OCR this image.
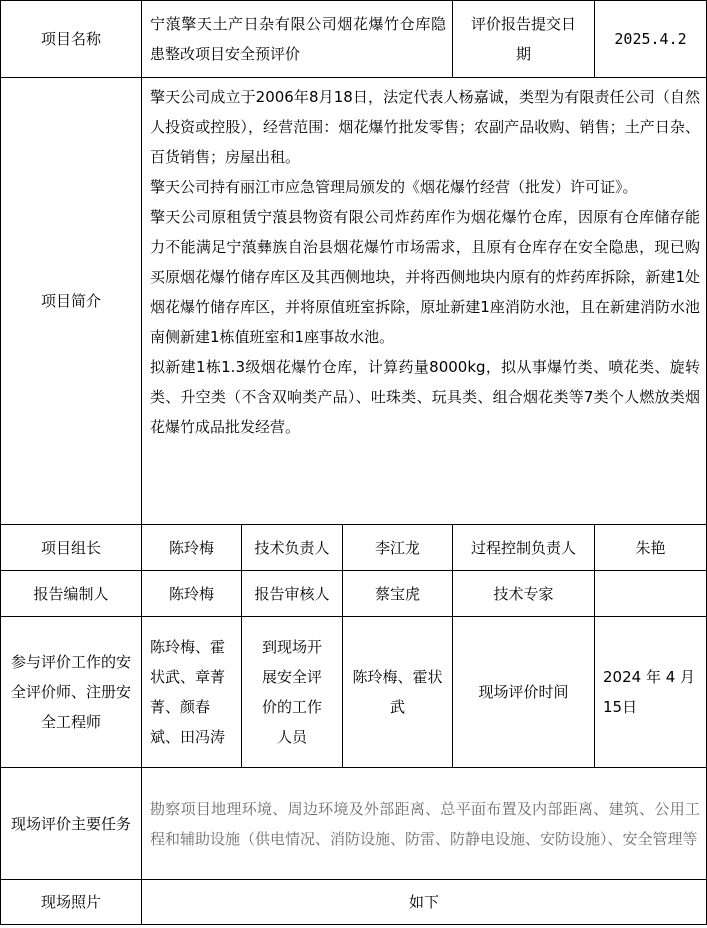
项目名称	宁蒗擎天土产日杂有限公司烟花爆竹仓库隐患整改项目安全预评价			评价报告提交日期	2025.4.2
项目简介	擎天公司成立于2006年8月18日，法定代表人杨嘉诚，类型为有限责任公司（自然人投资或控股），经营范围：烟花爆竹批发零售；农副产品收购、销售；土产日杂、百货销售；房屋出租。

擎天公司持有丽江市应急管理局颁发的《烟花爆竹经营（批发）许可证》。

擎天公司原租赁宁蒗县物资有限公司炸药库作为烟花爆竹仓库，因原有仓库储存能力不能满足宁蒗彝族自治县烟花爆竹市场需求，且原有仓库存在安全隐患，现已购买原烟花爆竹储存库区及其西侧地块，并将西侧地块内原有的炸药库拆除，新建1处烟花爆竹储存库区，并将原值班室拆除，原址新建1座消防水池，且在新建消防水池南侧新建1栋值班室和1座事故水池。

拟新建1栋1.3级烟花爆竹仓库，计算药量8000kg，拟从事爆竹类、喷花类、旋转类、升空类（不含双响类产品）、吐珠类、玩具类、组合烟花类等7类个人燃放类烟花爆竹成品批发经营。				

项目组长	陈玲梅	技术负责人	李江龙	过程控制负责人	朱艳
报告编制人	陈玲梅	报告审核人	蔡宝虎	技术专家	
参与评价工作的安全评价师、注册安全工程师	陈玲梅、霍状武、章菁菁、颜春斌、田冯涛	到现场开展安全评价的工作人员	陈玲梅、霍状武	现场评价时间	2024 年 4 月 15日
现场评价主要任务	勘察项目地理环境、周边环境及外部距离、总平面布置及内部距离、建筑、公用工程和辅助设施（供电情况、消防设施、防雷、防静电设施、安防设施）、安全管理等				
现场照片	如下				
